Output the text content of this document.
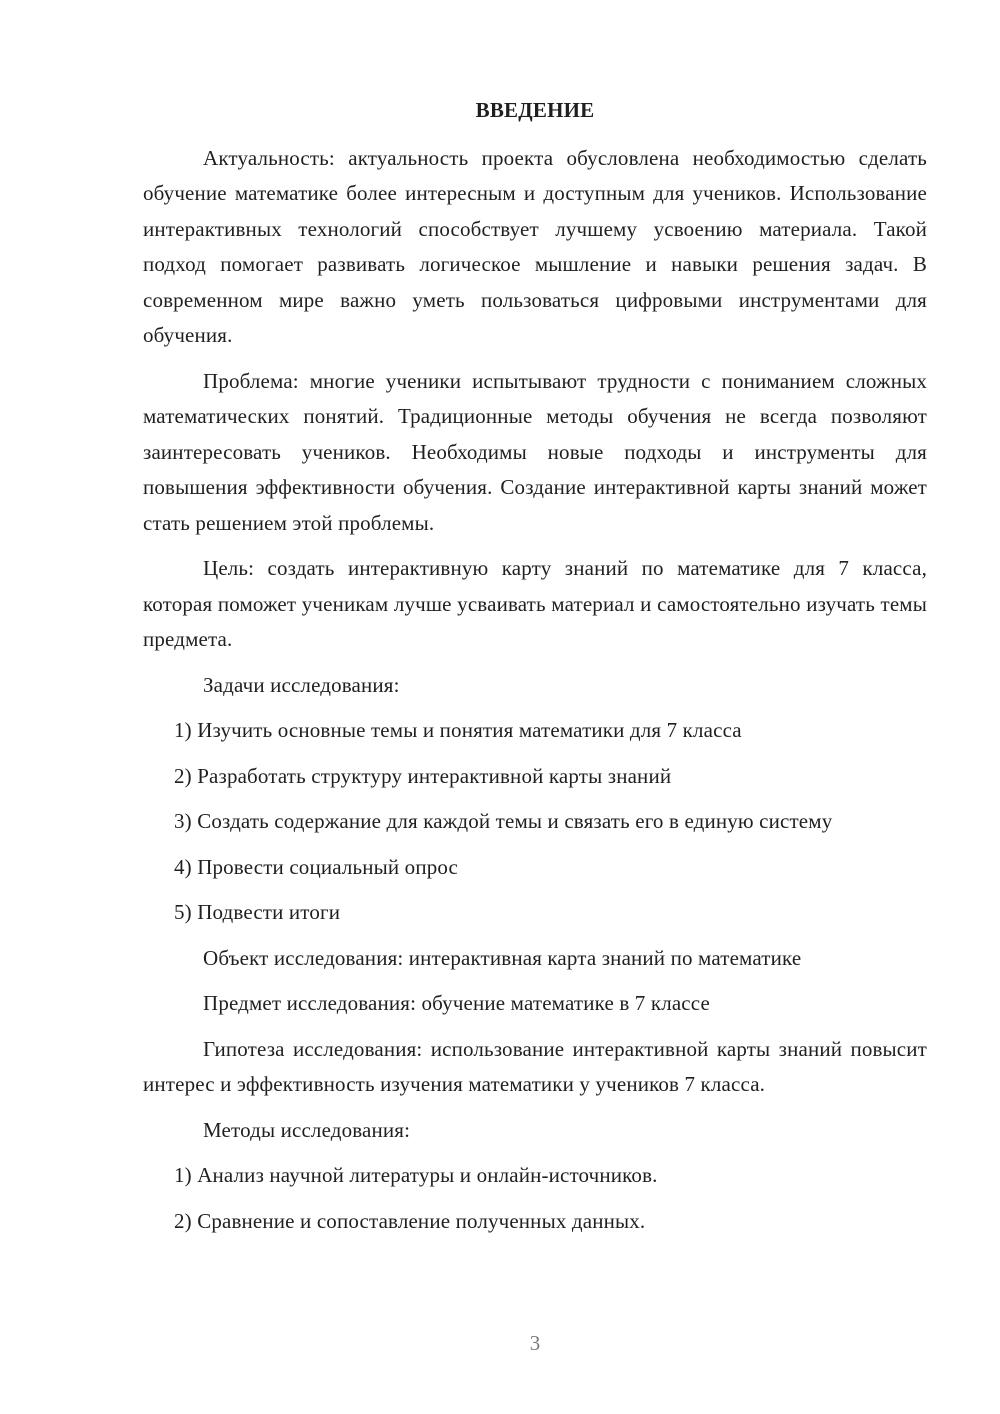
ВВЕДЕНИЕ

Актуальность: актуальность проекта обусловлена необходимостью сделать обучение математике более интересным и доступным для учеников. Использование интерактивных технологий способствует лучшему усвоению материала. Такой подход помогает развивать логическое мышление и навыки решения задач. В современном мире важно уметь пользоваться цифровыми инструментами для обучения.

Проблема: многие ученики испытывают трудности с пониманием сложных математических понятий. Традиционные методы обучения не всегда позволяют заинтересовать учеников. Необходимы новые подходы и инструменты для повышения эффективности обучения. Создание интерактивной карты знаний может стать решением этой проблемы.

Цель: создать интерактивную карту знаний по математике для 7 класса, которая поможет ученикам лучше усваивать материал и самостоятельно изучать темы предмета.

Задачи исследования:

1) Изучить основные темы и понятия математики для 7 класса

2) Разработать структуру интерактивной карты знаний

3) Создать содержание для каждой темы и связать его в единую систему

4) Провести социальный опрос

5) Подвести итоги

Объект исследования: интерактивная карта знаний по математике

Предмет исследования: обучение математике в 7 классе

Гипотеза исследования: использование интерактивной карты знаний повысит интерес и эффективность изучения математики у учеников 7 класса.

Методы исследования:

1) Анализ научной литературы и онлайн-источников.

2) Сравнение и сопоставление полученных данных.

3
